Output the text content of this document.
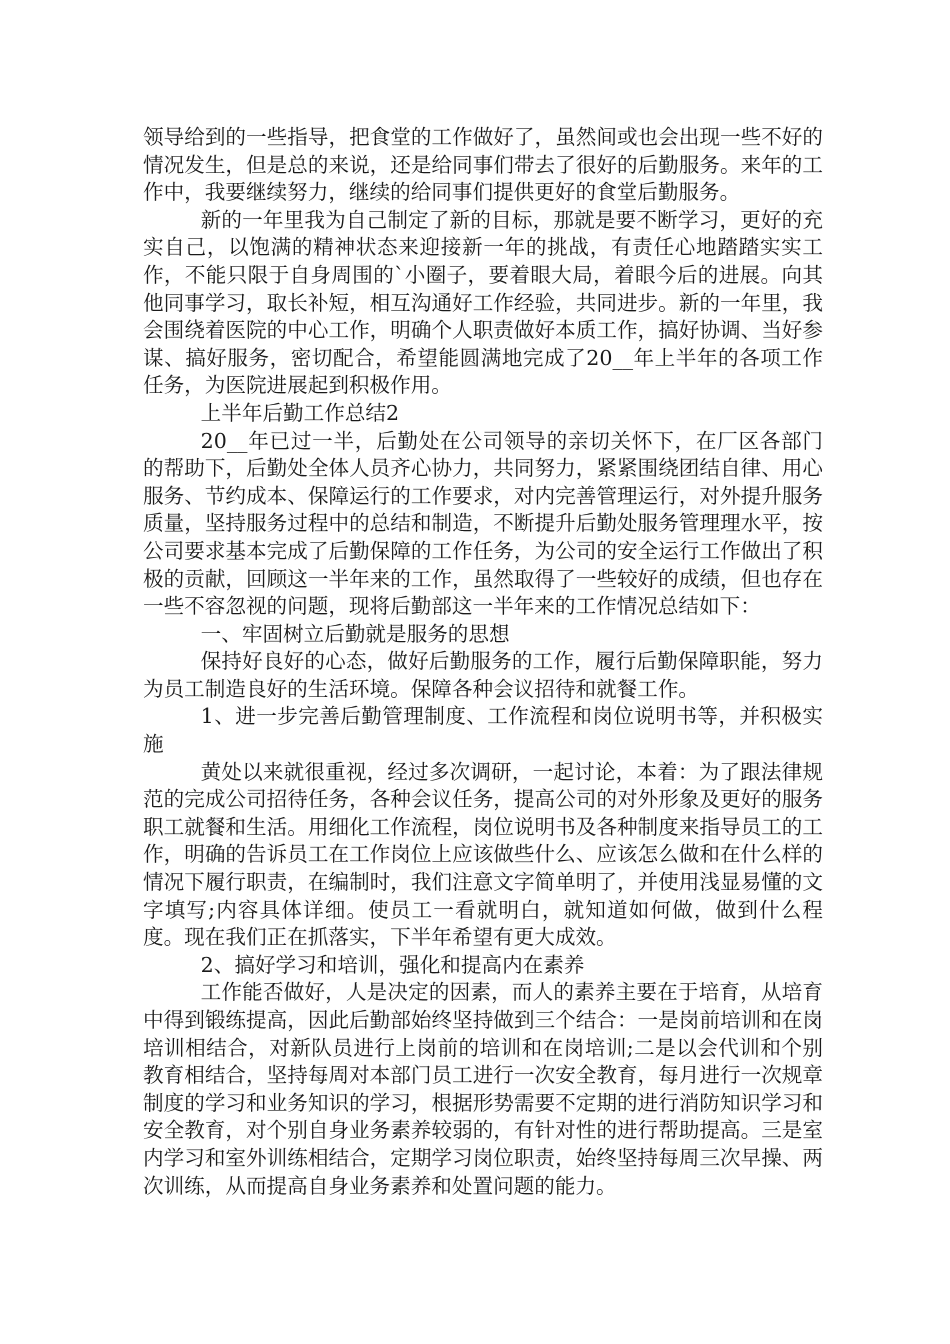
领导给到的一些指导，把食堂的工作做好了，虽然间或也会出现一些不好的情况发生，但是总的来说，还是给同事们带去了很好的后勤服务。来年的工作中，我要继续努力，继续的给同事们提供更好的食堂后勤服务。

新的一年里我为自己制定了新的目标，那就是要不断学习，更好的充实自己，以饱满的精神状态来迎接新一年的挑战，有责任心地踏踏实实工作，不能只限于自身周围的`小圈子，要着眼大局，着眼今后的进展。向其他同事学习，取长补短，相互沟通好工作经验，共同进步。新的一年里，我会围绕着医院的中心工作，明确个人职责做好本质工作，搞好协调、当好参谋、搞好服务，密切配合，希望能圆满地完成了20__年上半年的各项工作任务，为医院进展起到积极作用。

上半年后勤工作总结2

20__年已过一半，后勤处在公司领导的亲切关怀下，在厂区各部门的帮助下，后勤处全体人员齐心协力，共同努力，紧紧围绕团结自律、用心服务、节约成本、保障运行的工作要求，对内完善管理运行，对外提升服务质量，坚持服务过程中的总结和制造，不断提升后勤处服务管理理水平，按公司要求基本完成了后勤保障的工作任务，为公司的安全运行工作做出了积极的贡献，回顾这一半年来的工作，虽然取得了一些较好的成绩，但也存在一些不容忽视的问题，现将后勤部这一半年来的工作情况总结如下：

一、牢固树立后勤就是服务的思想

保持好良好的心态，做好后勤服务的工作，履行后勤保障职能，努力为员工制造良好的生活环境。保障各种会议招待和就餐工作。

1、进一步完善后勤管理制度、工作流程和岗位说明书等，并积极实施

黄处以来就很重视，经过多次调研，一起讨论，本着：为了跟法律规范的完成公司招待任务，各种会议任务，提高公司的对外形象及更好的服务职工就餐和生活。用细化工作流程，岗位说明书及各种制度来指导员工的工作，明确的告诉员工在工作岗位上应该做些什么、应该怎么做和在什么样的情况下履行职责，在编制时，我们注意文字简单明了，并使用浅显易懂的文字填写;内容具体详细。使员工一看就明白，就知道如何做，做到什么程度。现在我们正在抓落实，下半年希望有更大成效。

2、搞好学习和培训，强化和提高内在素养

工作能否做好，人是决定的因素，而人的素养主要在于培育，从培育中得到锻练提高，因此后勤部始终坚持做到三个结合：一是岗前培训和在岗培训相结合，对新队员进行上岗前的培训和在岗培训;二是以会代训和个别教育相结合，坚持每周对本部门员工进行一次安全教育，每月进行一次规章制度的学习和业务知识的学习，根据形势需要不定期的进行消防知识学习和安全教育，对个别自身业务素养较弱的，有针对性的进行帮助提高。三是室内学习和室外训练相结合，定期学习岗位职责，始终坚持每周三次早操、两次训练，从而提高自身业务素养和处置问题的能力。
